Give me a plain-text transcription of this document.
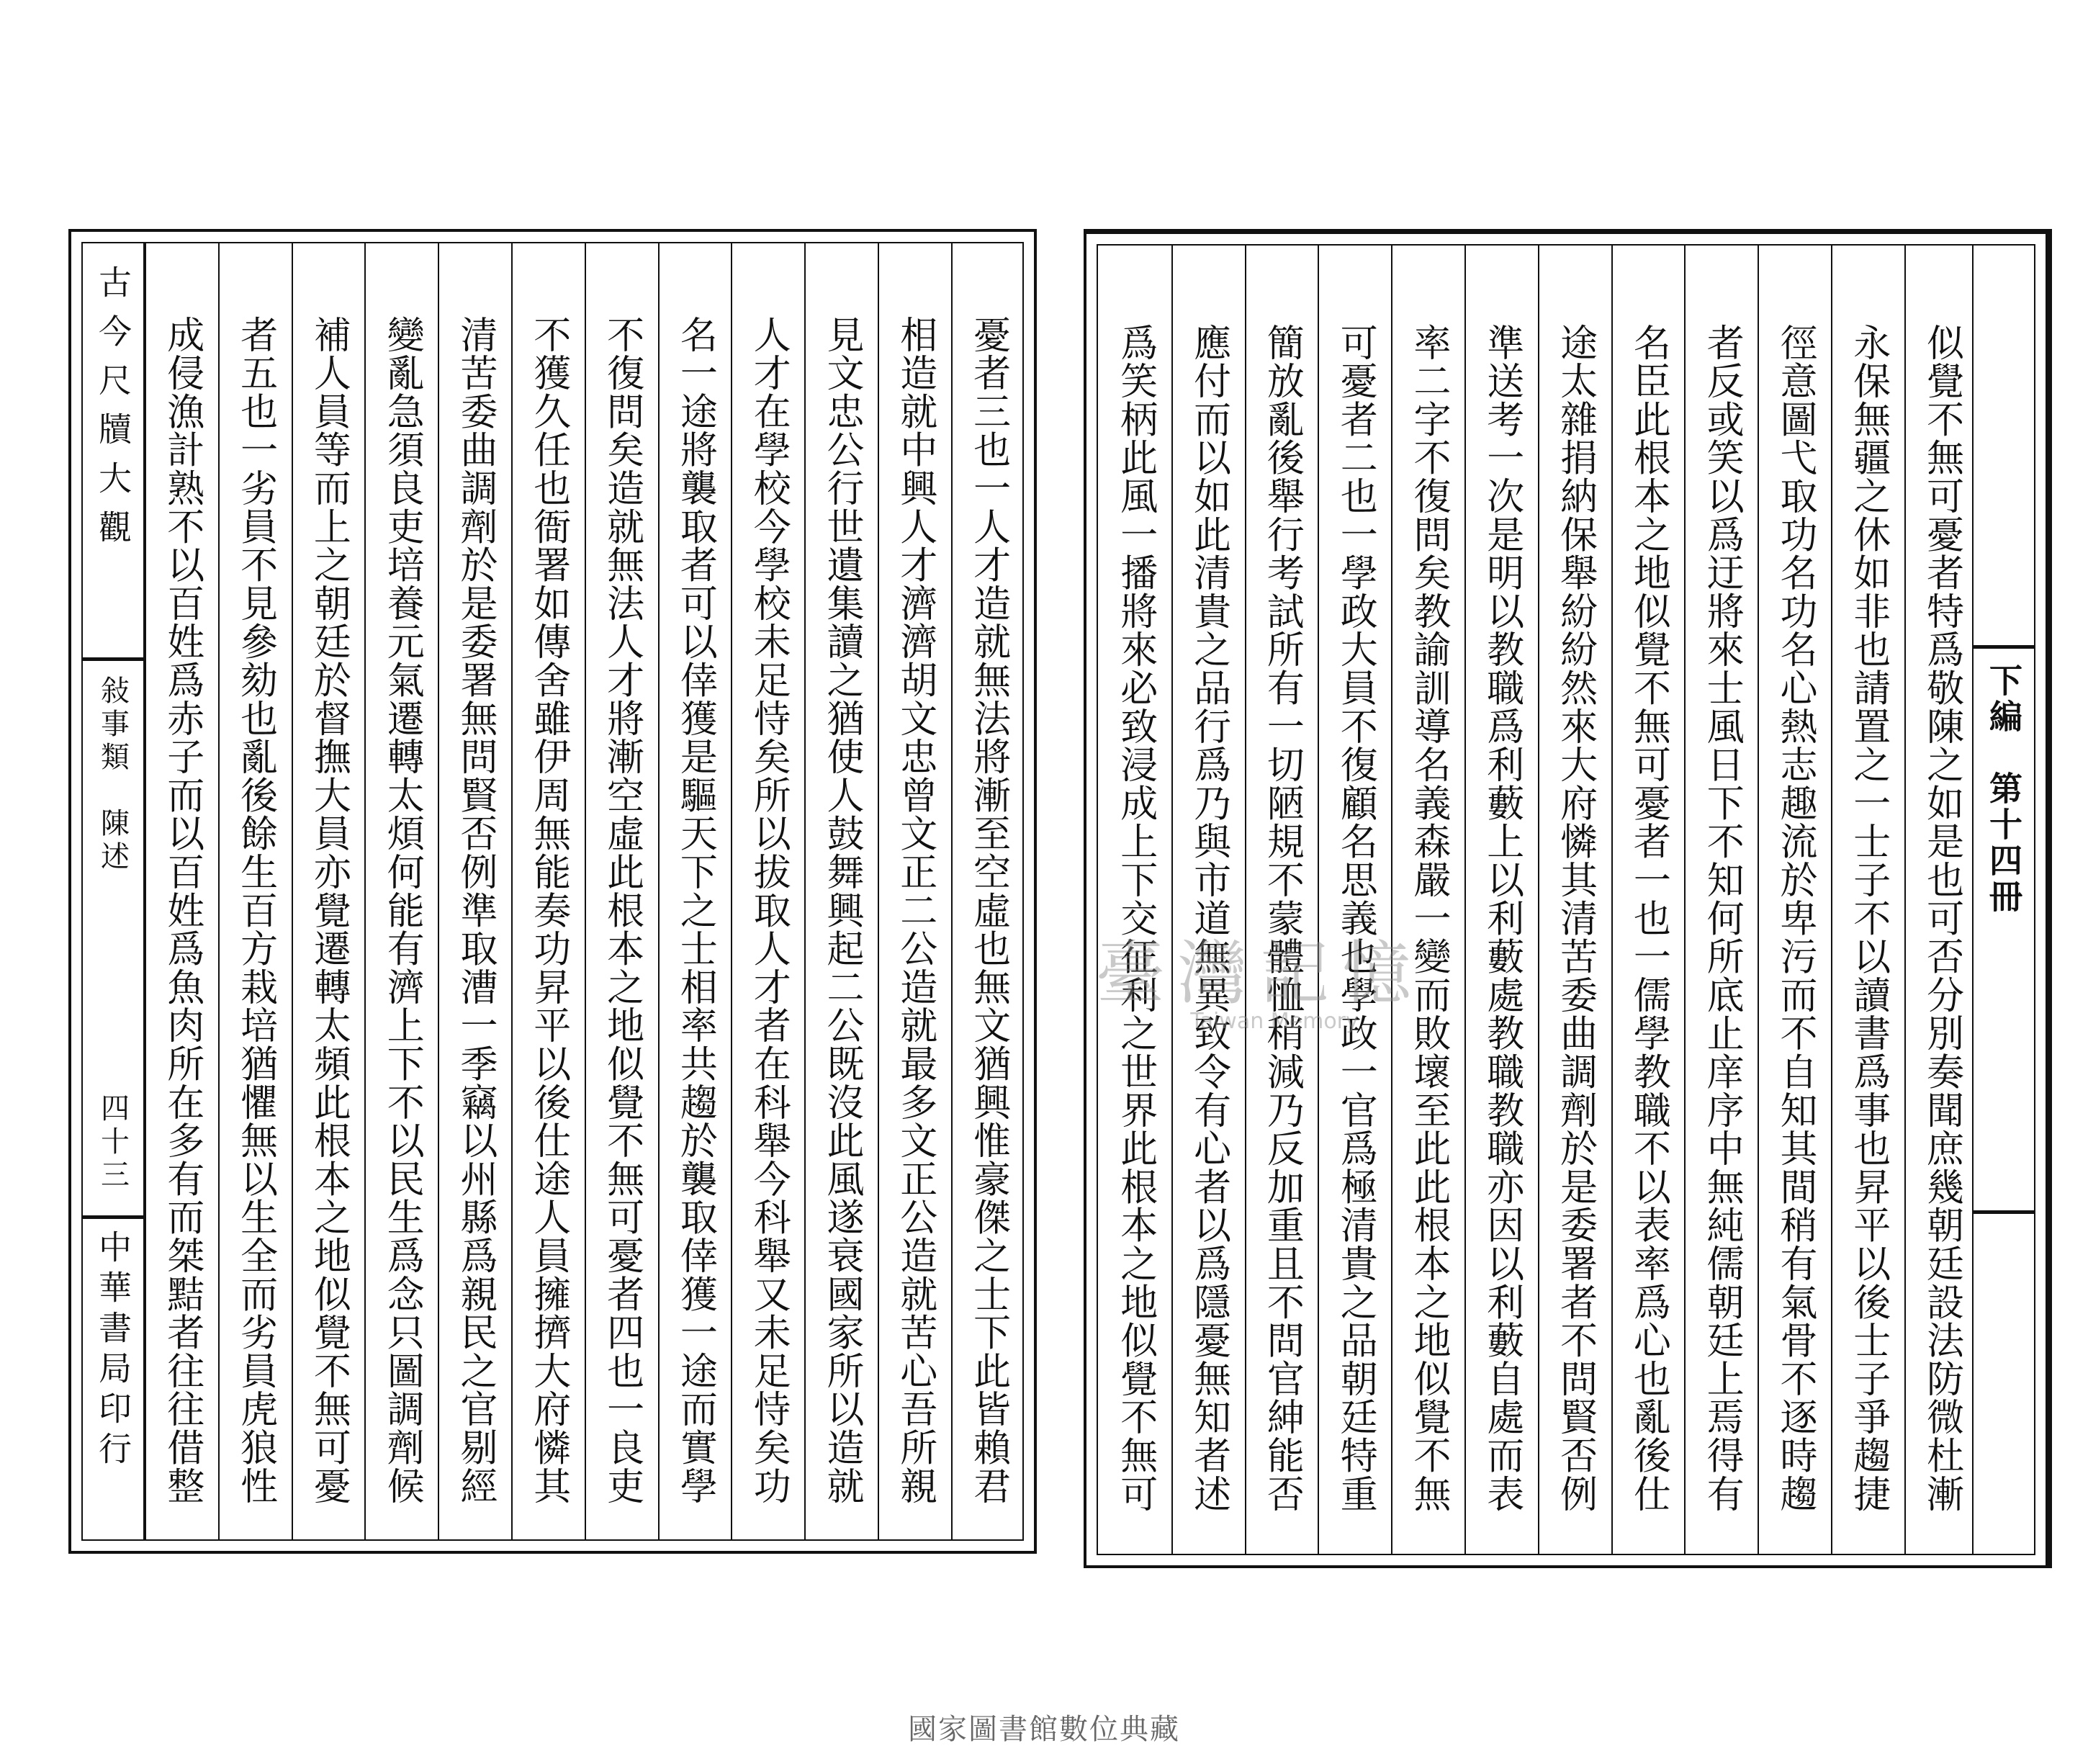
古今尺牘大觀
敍事類　陳述
四十三
中華書局印行	憂者三也一人才造就無法將漸至空虛也無文猶興惟豪傑之士下此皆賴君
相造就中興人才濟濟胡文忠曾文正二公造就最多文正公造就苦心吾所親
見文忠公行世遺集讀之猶使人鼓舞興起二公既沒此風遂衰國家所以造就
人才在學校今學校未足恃矣所以拔取人才者在科舉今科舉又未足恃矣功
名一途將襲取者可以倖獲是驅天下之士相率共趨於襲取倖獲一途而實學
不復問矣造就無法人才將漸空虛此根本之地似覺不無可憂者四也一良吏
不獲久任也衙署如傳舍雖伊周無能奏功昇平以後仕途人員擁擠大府憐其
清苦委曲調劑於是委署無問賢否例準取漕一季竊以州縣爲親民之官剔經
變亂急須良吏培養元氣遷轉太煩何能有濟上下不以民生爲念只圖調劑候
補人員等而上之朝廷於督撫大員亦覺遷轉太頻此根本之地似覺不無可憂
者五也一劣員不見參劾也亂後餘生百方栽培猶懼無以生全而劣員虎狼性
成侵漁計熟不以百姓爲赤子而以百姓爲魚肉所在多有而桀黠者往往借整	似覺不無可憂者特爲敬陳之如是也可否分別奏聞庶幾朝廷設法防微杜漸
永保無疆之休如非也請置之一士子不以讀書爲事也昇平以後士子爭趨捷
徑意圖弋取功名功名心熱志趣流於卑污而不自知其間稍有氣骨不逐時趨
者反或笑以爲迂將來士風日下不知何所底止庠序中無純儒朝廷上焉得有
名臣此根本之地似覺不無可憂者一也一儒學教職不以表率爲心也亂後仕
途太雜捐納保舉紛紛然來大府憐其清苦委曲調劑於是委署者不問賢否例
準送考一次是明以教職爲利藪上以利藪處教職教職亦因以利藪自處而表
率二字不復問矣教諭訓導名義森嚴一變而敗壞至此此根本之地似覺不無
可憂者二也一學政大員不復顧名思義也學政一官爲極清貴之品朝廷特重
簡放亂後舉行考試所有一切陋規不蒙體恤稍減乃反加重且不問官紳能否
應付而以如此清貴之品行爲乃與市道無異致令有心者以爲隱憂無知者述
爲笑柄此風一播將來必致浸成上下交征利之世界此根本之地似覺不無可	下編　第十四冊
臺灣記憶
Taiwan Memory
國家圖書館數位典藏
